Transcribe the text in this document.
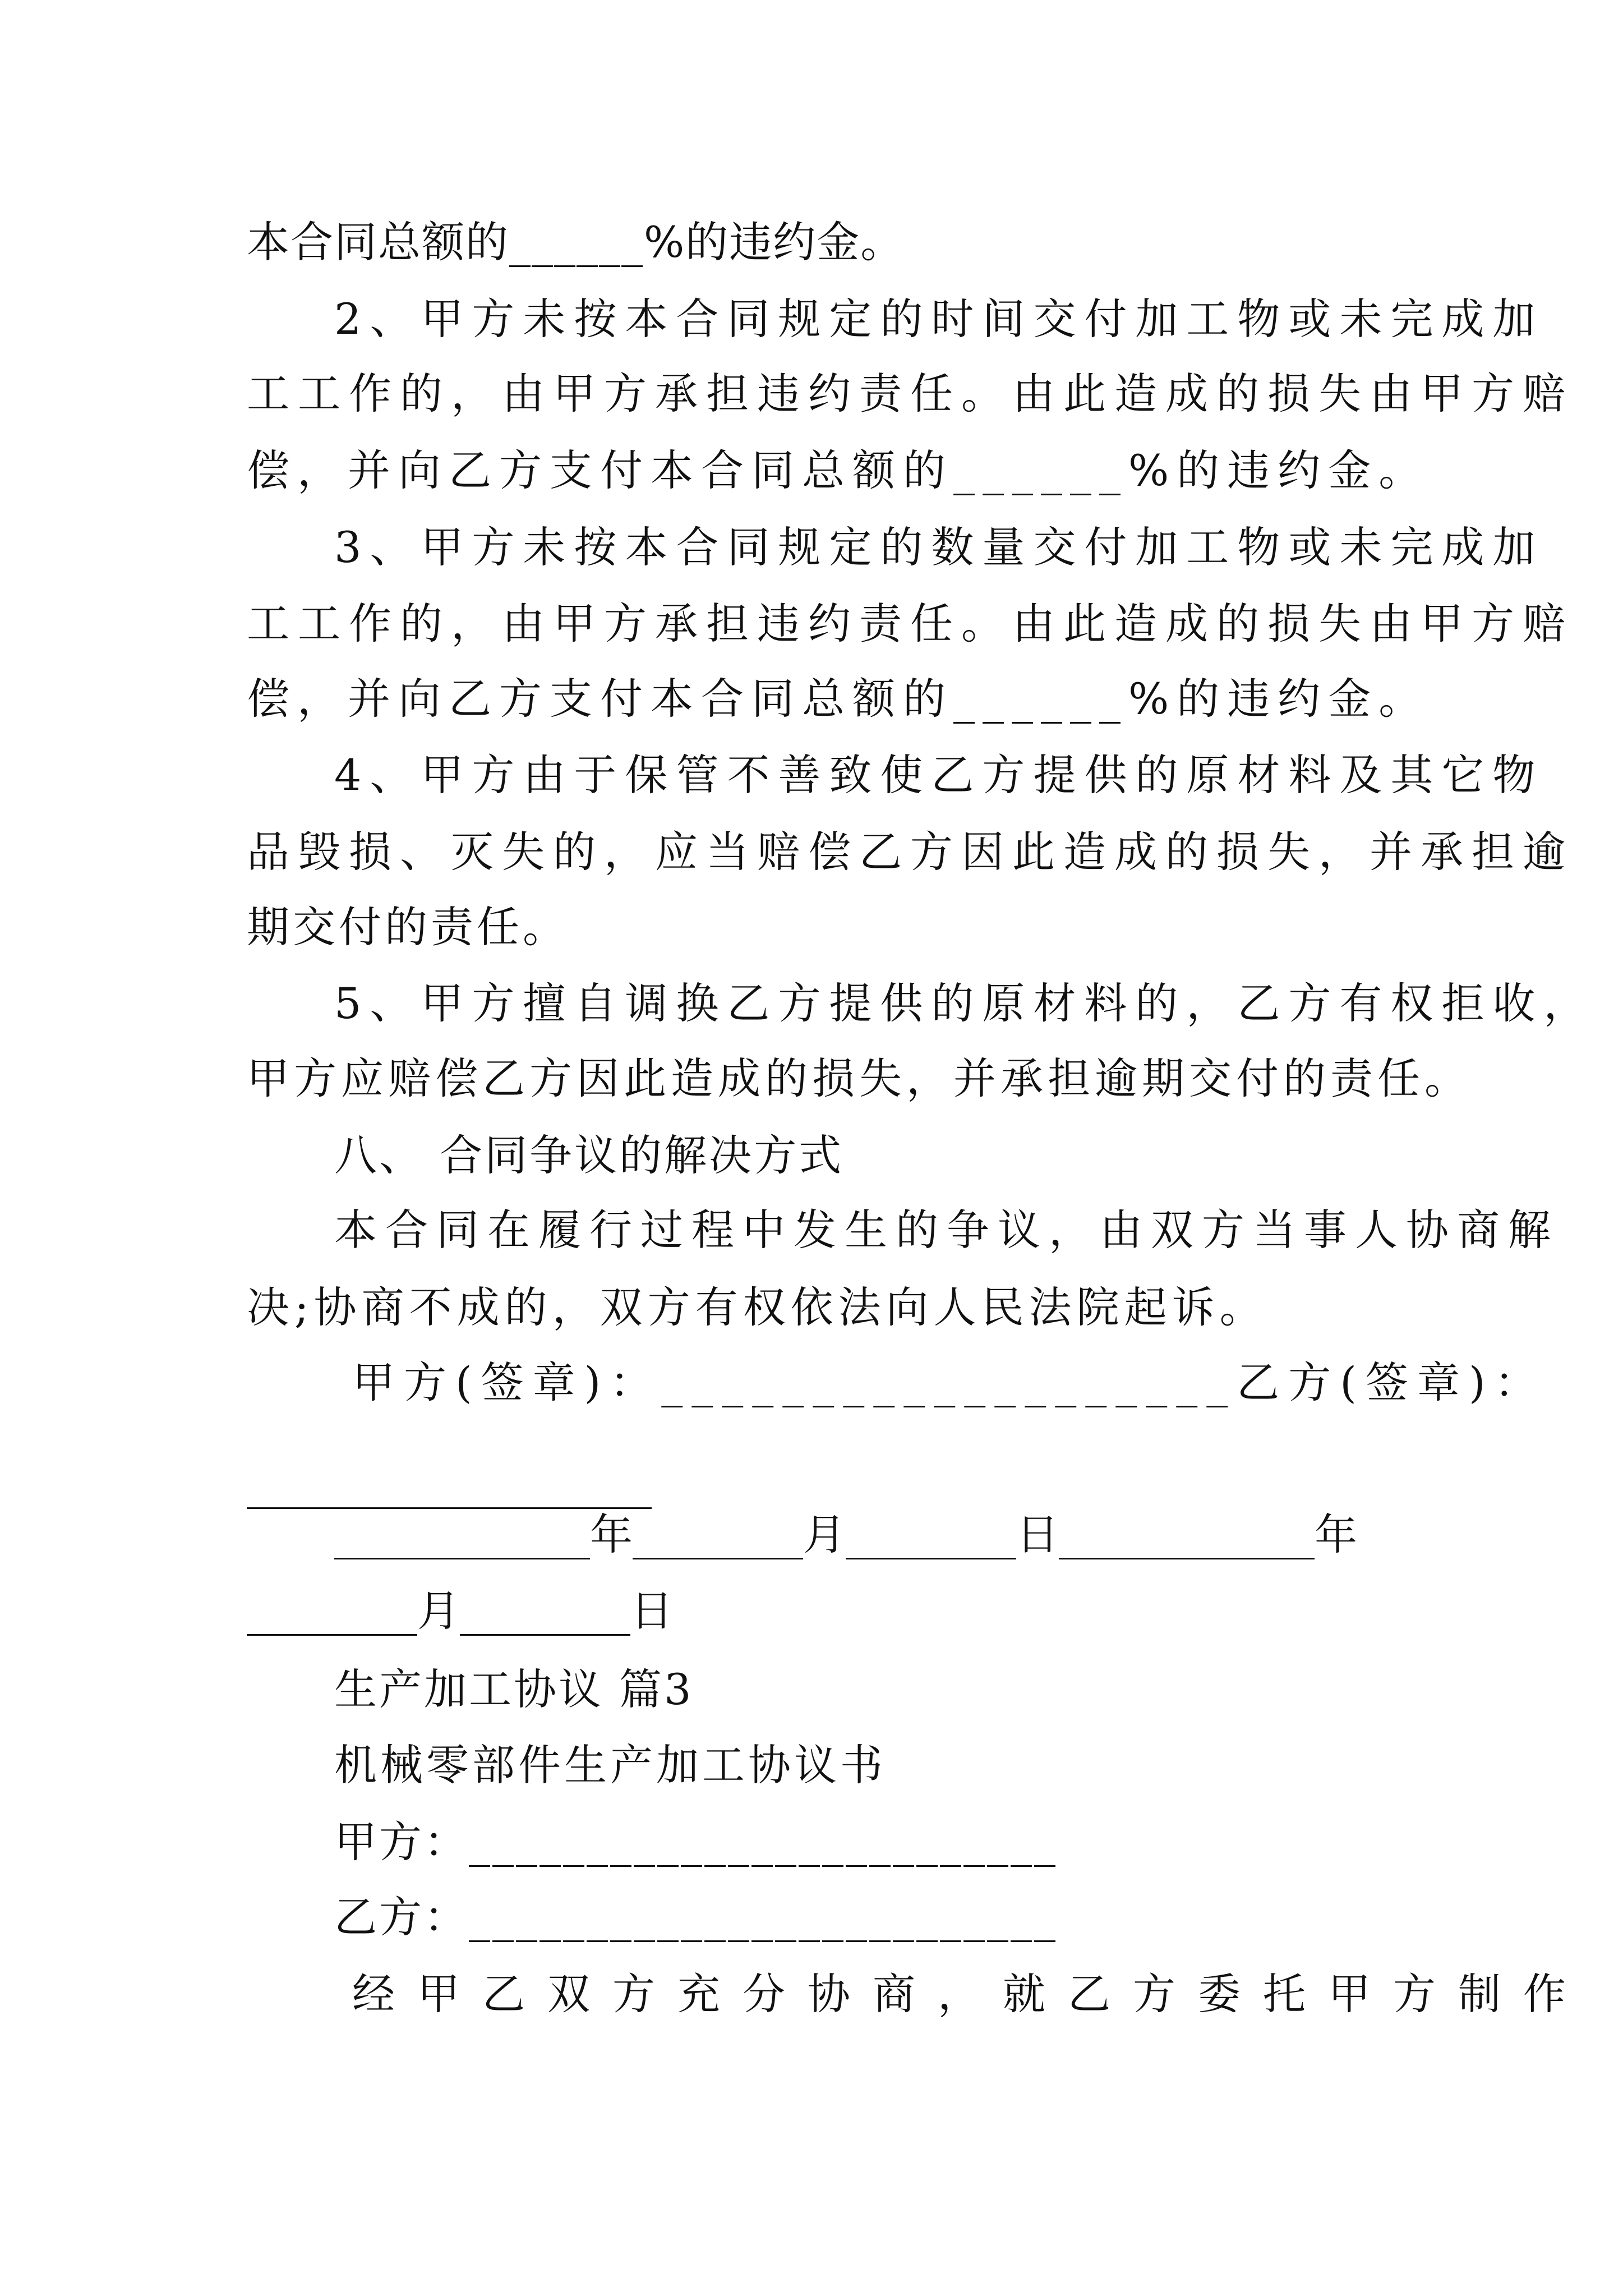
本合同总额的______%的违约金。
2、甲方未按本合同规定的时间交付加工物或未完成加
工工作的，由甲方承担违约责任。由此造成的损失由甲方赔
偿，并向乙方支付本合同总额的______%的违约金。
3、甲方未按本合同规定的数量交付加工物或未完成加
工工作的，由甲方承担违约责任。由此造成的损失由甲方赔
偿，并向乙方支付本合同总额的______%的违约金。
4、甲方由于保管不善致使乙方提供的原材料及其它物
品毁损、灭失的，应当赔偿乙方因此造成的损失，并承担逾
期交付的责任。
5、甲方擅自调换乙方提供的原材料的，乙方有权拒收，
甲方应赔偿乙方因此造成的损失，并承担逾期交付的责任。
八、 合同争议的解决方式
本合同在履行过程中发生的争议，由双方当事人协商解
决;协商不成的，双方有权依法向人民法院起诉。
甲方(签章)：___________________乙方(签章)：
___________________
____________年________月________日____________年
________月________日
生产加工协议 篇3
机械零部件生产加工协议书
甲方：_________________________
乙方：_________________________
经甲乙双方充分协商，就乙方委托甲方制作
